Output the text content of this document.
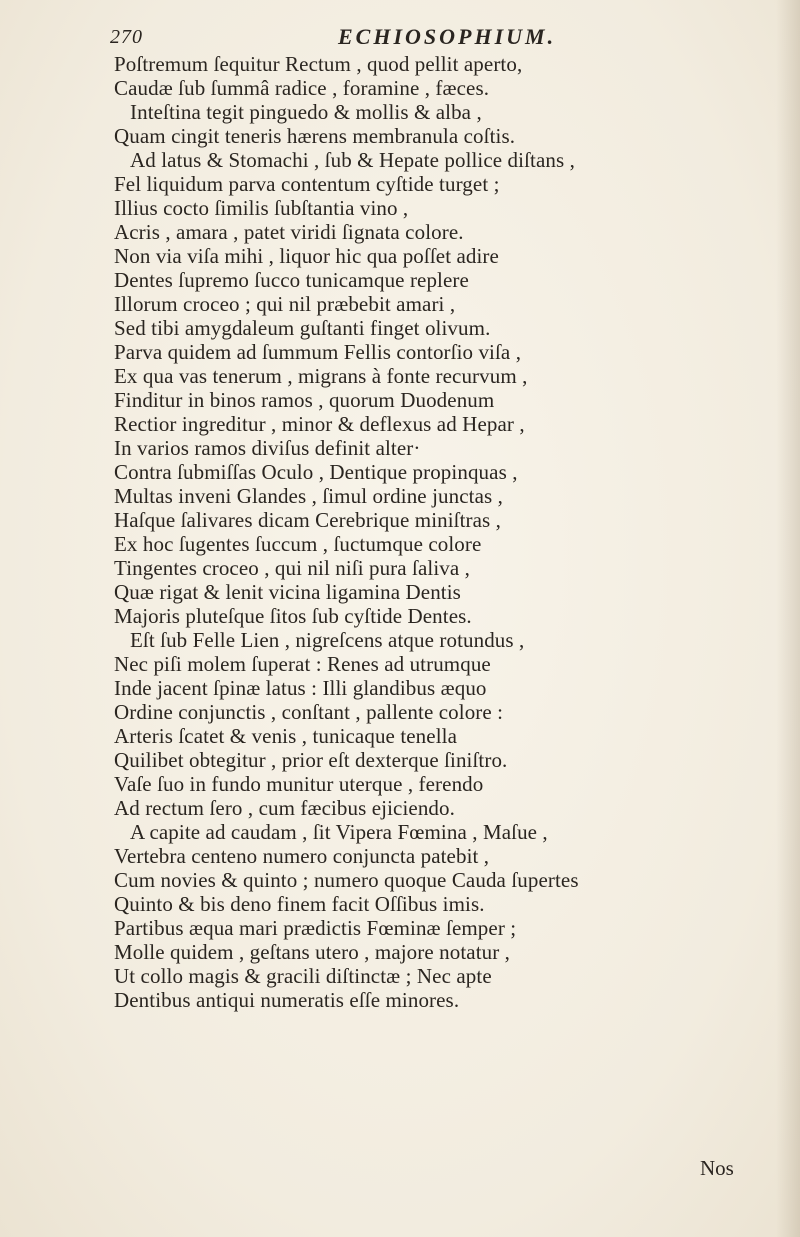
270	ECHIOSOPHIUM.
Poſtremum ſequitur Rectum , quod pellit aperto,
Caudæ ſub ſummâ radice , foramine , fæces.
Inteſtina tegit pinguedo & mollis & alba ,
Quam cingit teneris hærens membranula coſtis.
Ad latus & Stomachi , ſub & Hepate pollice diſtans ,
Fel liquidum parva contentum cyſtide turget ;
Illius cocto ſimilis ſubſtantia vino ,
Acris , amara , patet viridi ſignata colore.
Non via viſa mihi , liquor hic qua poſſet adire
Dentes ſupremo ſucco tunicamque replere
Illorum croceo ; qui nil præbebit amari ,
Sed tibi amygdaleum guſtanti finget olivum.
Parva quidem ad ſummum Fellis contorſio viſa ,
Ex qua vas tenerum , migrans à fonte recurvum ,
Finditur in binos ramos , quorum Duodenum
Rectior ingreditur , minor & deflexus ad Hepar ,
In varios ramos diviſus definit alter·
Contra ſubmiſſas Oculo , Dentique propinquas ,
Multas inveni Glandes , ſimul ordine junctas ,
Haſque ſalivares dicam Cerebrique miniſtras ,
Ex hoc ſugentes ſuccum , ſuctumque colore
Tingentes croceo , qui nil niſi pura ſaliva ,
Quæ rigat & lenit vicina ligamina Dentis
Majoris pluteſque ſitos ſub cyſtide Dentes.
Eſt ſub Felle Lien , nigreſcens atque rotundus ,
Nec piſi molem ſuperat : Renes ad utrumque
Inde jacent ſpinæ latus : Illi glandibus æquo
Ordine conjunctis , conſtant , pallente colore :
Arteris ſcatet & venis , tunicaque tenella
Quilibet obtegitur , prior eſt dexterque ſiniſtro.
Vaſe ſuo in fundo munitur uterque , ferendo
Ad rectum ſero , cum fæcibus ejiciendo.
A capite ad caudam , ſit Vipera Fœmina , Maſue ,
Vertebra centeno numero conjuncta patebit ,
Cum novies & quinto ; numero quoque Cauda ſupertes
Quinto & bis deno finem facit Oſſibus imis.
Partibus æqua mari prædictis Fœminæ ſemper ;
Molle quidem , geſtans utero , majore notatur ,
Ut collo magis & gracili diſtinctæ ; Nec apte
Dentibus antiqui numeratis eſſe minores.
Nos
